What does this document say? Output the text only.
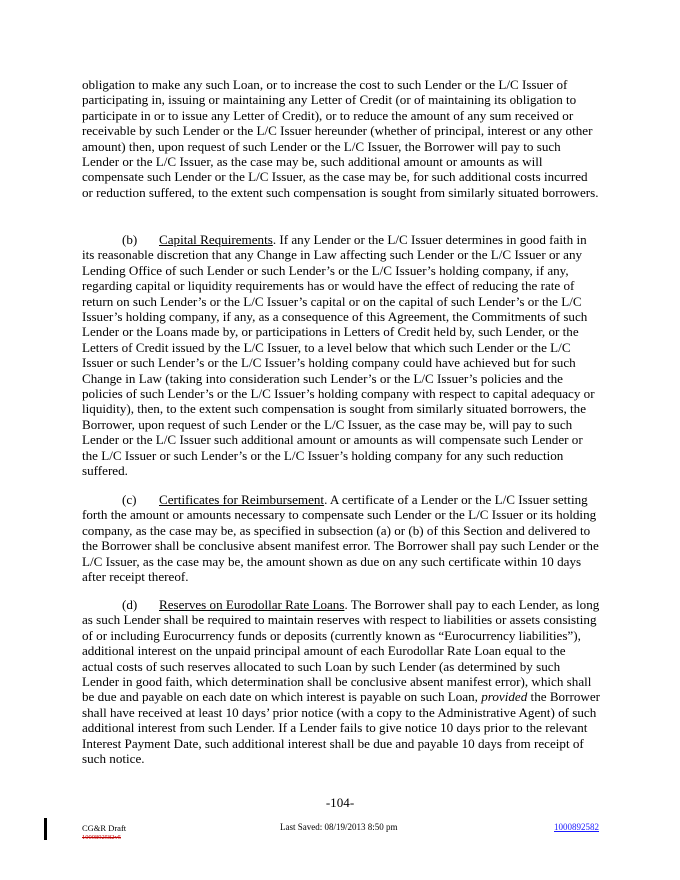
obligation to make any such Loan, or to increase the cost to such Lender or the L/C Issuer of participating in, issuing or maintaining any Letter of Credit (or of maintaining its obligation to participate in or to issue any Letter of Credit), or to reduce the amount of any sum received or receivable by such Lender or the L/C Issuer hereunder (whether of principal, interest or any other amount) then, upon request of such Lender or the L/C Issuer, the Borrower will pay to such Lender or the L/C Issuer, as the case may be, such additional amount or amounts as will compensate such Lender or the L/C Issuer, as the case may be, for such additional costs incurred or reduction suffered, to the extent such compensation is sought from similarly situated borrowers.
(b) Capital Requirements. If any Lender or the L/C Issuer determines in good faith in its reasonable discretion that any Change in Law affecting such Lender or the L/C Issuer or any Lending Office of such Lender or such Lender’s or the L/C Issuer’s holding company, if any, regarding capital or liquidity requirements has or would have the effect of reducing the rate of return on such Lender’s or the L/C Issuer’s capital or on the capital of such Lender’s or the L/C Issuer’s holding company, if any, as a consequence of this Agreement, the Commitments of such Lender or the Loans made by, or participations in Letters of Credit held by, such Lender, or the Letters of Credit issued by the L/C Issuer, to a level below that which such Lender or the L/C Issuer or such Lender’s or the L/C Issuer’s holding company could have achieved but for such Change in Law (taking into consideration such Lender’s or the L/C Issuer’s policies and the policies of such Lender’s or the L/C Issuer’s holding company with respect to capital adequacy or liquidity), then, to the extent such compensation is sought from similarly situated borrowers, the Borrower, upon request of such Lender or the L/C Issuer, as the case may be, will pay to such Lender or the L/C Issuer such additional amount or amounts as will compensate such Lender or the L/C Issuer or such Lender’s or the L/C Issuer’s holding company for any such reduction suffered.
(c) Certificates for Reimbursement. A certificate of a Lender or the L/C Issuer setting forth the amount or amounts necessary to compensate such Lender or the L/C Issuer or its holding company, as the case may be, as specified in subsection (a) or (b) of this Section and delivered to the Borrower shall be conclusive absent manifest error. The Borrower shall pay such Lender or the L/C Issuer, as the case may be, the amount shown as due on any such certificate within 10 days after receipt thereof.
(d) Reserves on Eurodollar Rate Loans. The Borrower shall pay to each Lender, as long as such Lender shall be required to maintain reserves with respect to liabilities or assets consisting of or including Eurocurrency funds or deposits (currently known as “Eurocurrency liabilities”), additional interest on the unpaid principal amount of each Eurodollar Rate Loan equal to the actual costs of such reserves allocated to such Loan by such Lender (as determined by such Lender in good faith, which determination shall be conclusive absent manifest error), which shall be due and payable on each date on which interest is payable on such Loan, provided the Borrower shall have received at least 10 days’ prior notice (with a copy to the Administrative Agent) of such additional interest from such Lender. If a Lender fails to give notice 10 days prior to the relevant Interest Payment Date, such additional interest shall be due and payable 10 days from receipt of such notice.
-104-
CG&R Draft
1000892582v5
Last Saved: 08/19/2013 8:50 pm	1000892582
